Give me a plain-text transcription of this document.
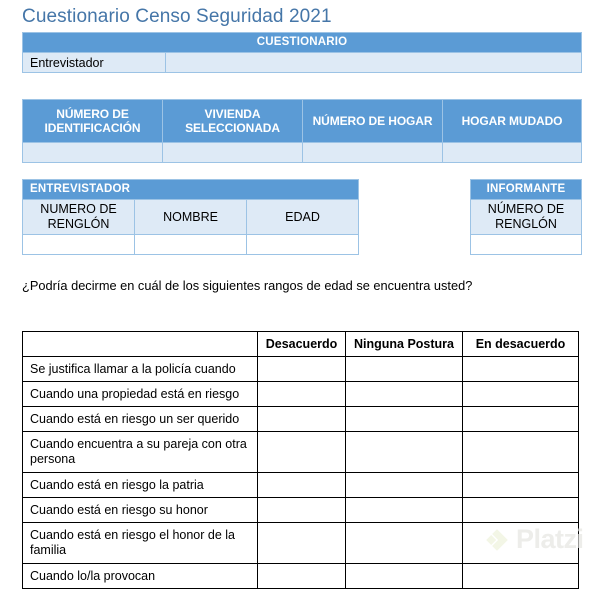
Cuestionario Censo Seguridad 2021
CUESTIONARIO
Entrevistador	
NÚMERO DE IDENTIFICACIÓN	VIVIENDA SELECCIONADA	NÚMERO DE HOGAR	HOGAR MUDADO

ENTREVISTADOR		
NUMERO DE RENGLÓN	NOMBRE	EDAD

INFORMANTE
NÚMERO DE RENGLÓN

¿Podría decirme en cuál de los siguientes rangos de edad se encuentra usted?
	Desacuerdo	Ninguna Postura	En desacuerdo
Se justifica llamar a la policía cuando			
Cuando una propiedad está en riesgo			
Cuando está en riesgo un ser querido			
Cuando encuentra a su pareja con otra persona			
Cuando está en riesgo la patria			
Cuando está en riesgo su honor			
Cuando está en riesgo el honor de la familia			
Cuando lo/la provocan			
Platzi
